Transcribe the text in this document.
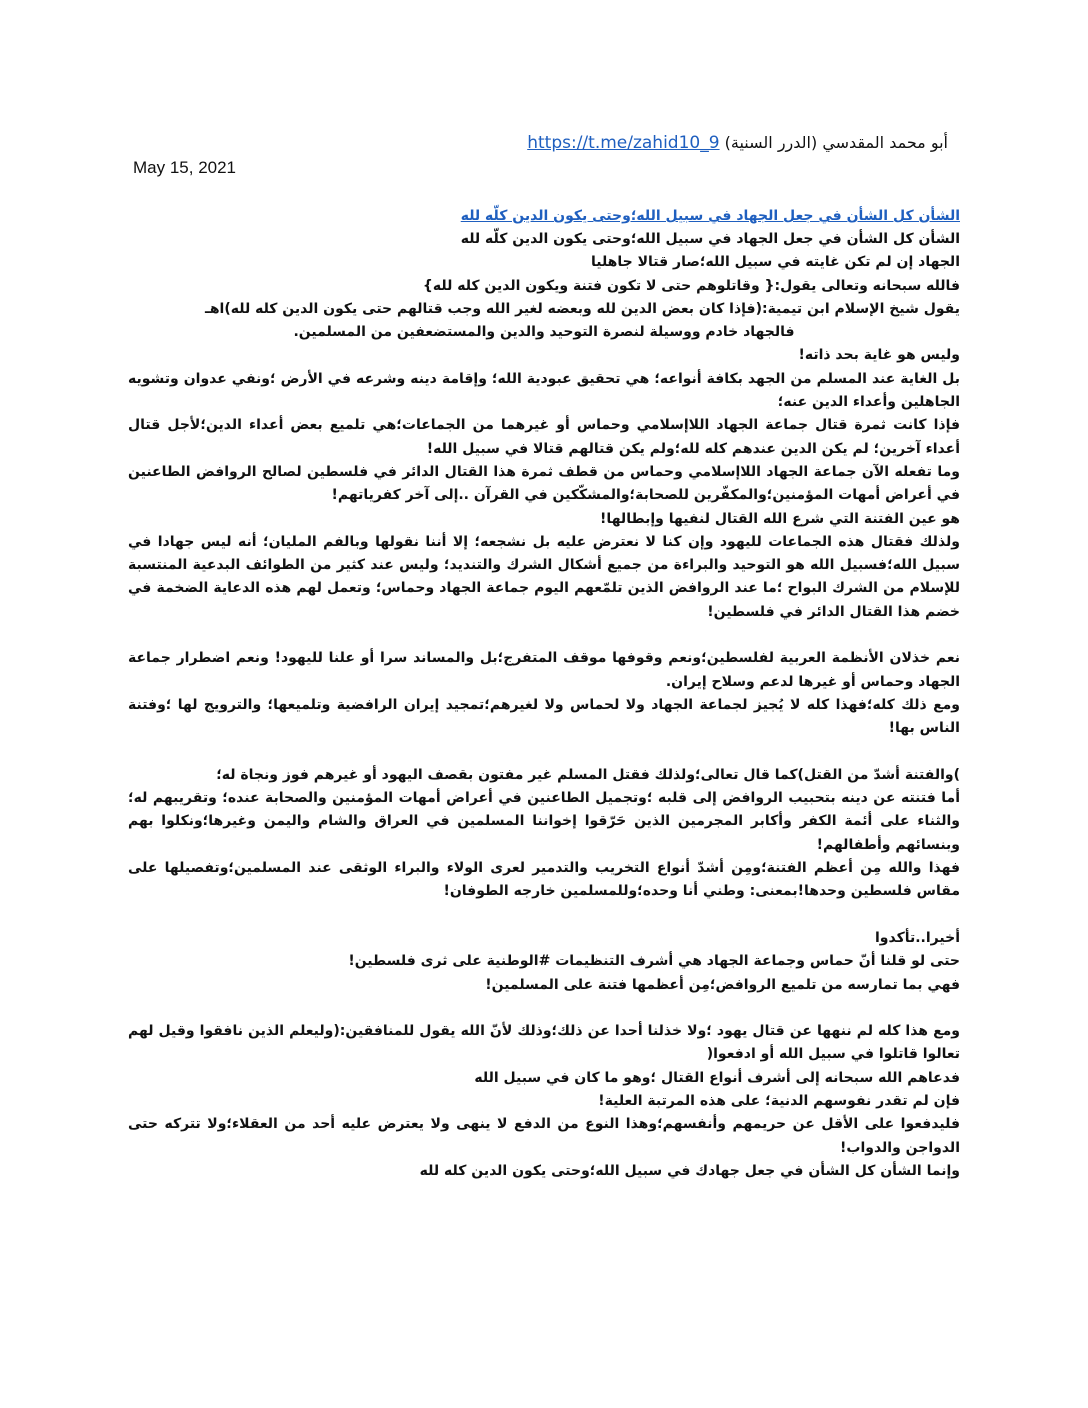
أبو محمد المقدسي (الدرر السنية) https://t.me/zahid10_9
May 15, 2021
الشأن كل الشأن في جعل الجهاد في سبيل الله؛وحتى يكون الدين كلّه لله

الشأن كل الشأن في جعل الجهاد في سبيل الله؛وحتى يكون الدين كلّه لله

الجهاد إن لم تكن غايته في سبيل الله؛صار قتالا جاهليا

فالله سبحانه وتعالى يقول:{ وقاتلوهم حتى لا تكون فتنة ويكون الدين كله لله}

يقول شيخ الإسلام ابن تيمية:(فإذا كان بعض الدين لله وبعضه لغير الله وجب قتالهم حتى يكون الدين كله لله)اهـ

فالجهاد خادم ووسيلة لنصرة التوحيد والدين والمستضعفين من المسلمين.

وليس هو غاية بحد ذاته!

بل الغاية عند المسلم من الجهد بكافة أنواعه؛ هي تحقيق عبودية الله؛ وإقامة دينه وشرعه في الأرض ؛ونفي عدوان وتشويه الجاهلين وأعداء الدين عنه؛

فإذا كانت ثمرة قتال جماعة الجهاد اللاإسلامي وحماس أو غيرهما من الجماعات؛هي تلميع بعض أعداء الدين؛لأجل قتال أعداء آخرين؛ لم يكن الدين عندهم كله لله؛ولم يكن قتالهم قتالا في سبيل الله!

وما تفعله الآن جماعة الجهاد اللاإسلامي وحماس من قطف ثمرة هذا القتال الدائر في فلسطين لصالح الروافض الطاعنين في أعراض أمهات المؤمنين؛والمكفّرين للصحابة؛والمشكّكين في القرآن ..إلى آخر كفرياتهم!

هو عين الفتنة التي شرع الله القتال لنفيها وإبطالها!

ولذلك فقتال هذه الجماعات لليهود وإن كنا لا نعترض عليه بل نشجعه؛ إلا أننا نقولها وبالفم المليان؛ أنه ليس جهادا في سبيل الله؛فسبيل الله هو التوحيد والبراءة من جميع أشكال الشرك والتنديد؛ وليس عند كثير من الطوائف البدعية المنتسبة للإسلام من الشرك البواح ؛ما عند الروافض الذين تلمّعهم اليوم جماعة الجهاد وحماس؛ وتعمل لهم هذه الدعاية الضخمة في خضم هذا القتال الدائر في فلسطين!

نعم خذلان الأنظمة العربية لفلسطين؛ونعم وقوفها موقف المتفرج؛بل والمساند سرا أو علنا لليهود! ونعم اضطرار جماعة الجهاد وحماس أو غيرها لدعم وسلاح إيران.

ومع ذلك كله؛فهذا كله لا يُجيز لجماعة الجهاد ولا لحماس ولا لغيرهم؛تمجيد إيران الرافضية وتلميعها؛ والترويج لها ؛وفتنة الناس بها!

)والفتنة أشدّ من القتل)كما قال تعالى؛ولذلك فقتل المسلم غير مفتون بقصف اليهود أو غيرهم فوز ونجاة له؛

أما فتنته عن دينه بتحبيب الروافض إلى قلبه ؛وتجميل الطاعنين في أعراض أمهات المؤمنين والصحابة عنده؛ وتقريبهم له؛والثناء على أئمة الكفر وأكابر المجرمين الذين حَرّقوا إخواننا المسلمين في العراق والشام واليمن وغيرها؛ونكلوا بهم وبنسائهم وأطفالهم!

فهذا والله مِن أعظم الفتنة؛ومِن أشدّ أنواع التخريب والتدمير لعرى الولاء والبراء الوثقى عند المسلمين؛وتفصيلها على مقاس فلسطين وحدها!بمعنى: وطني أنا وحده؛وللمسلمين خارجه الطوفان!

أخيرا..تأكدوا

حتى لو قلنا أنّ حماس وجماعة الجهاد هي أشرف التنظيمات #الوطنية على ثرى فلسطين!

فهي بما تمارسه من تلميع الروافض؛مِن أعظمها فتنة على المسلمين!

ومع هذا كله لم ننهها عن قتال يهود ؛ولا خذلنا أحدا عن ذلك؛وذلك لأنّ الله يقول للمنافقين:(وليعلم الذين نافقوا وقيل لهم تعالوا قاتلوا في سبيل الله أو ادفعوا(

فدعاهم الله سبحانه إلى أشرف أنواع القتال ؛وهو ما كان في سبيل الله

فإن لم تقدر نفوسهم الدنية؛ على هذه المرتبة العلية!

فليدفعوا على الأقل عن حريمهم وأنفسهم؛وهذا النوع من الدفع لا ينهى ولا يعترض عليه أحد من العقلاء؛ولا تتركه حتى الدواجن والدواب!

وإنما الشأن كل الشأن في جعل جهادك في سبيل الله؛وحتى يكون الدين كله لله
